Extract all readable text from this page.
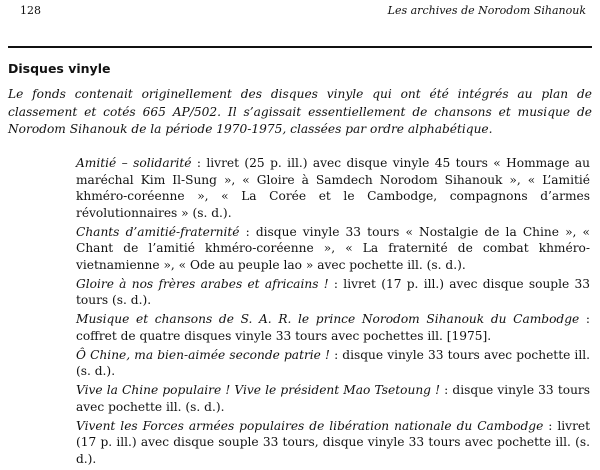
128	Les archives de Norodom Sihanouk
Disques vinyle

Le fonds contenait originellement des disques vinyle qui ont été intégrés au plan de classement et cotés 665 AP/502. Il s’agissait essentiellement de chansons et musique de Norodom Sihanouk de la période 1970-1975, classées par ordre alphabétique.

Amitié – solidarité : livret (25 p. ill.) avec disque vinyle 45 tours « Hommage au maréchal Kim Il-Sung », « Gloire à Samdech Norodom Sihanouk », « L’amitié khméro-coréenne », « La Corée et le Cambodge, compagnons d’armes révolutionnaires » (s. d.).
Chants d’amitié-fraternité : disque vinyle 33 tours « Nostalgie de la Chine », « Chant de l’amitié khméro-coréenne », « La fraternité de combat khméro-vietnamienne », « Ode au peuple lao » avec pochette ill. (s. d.).
Gloire à nos frères arabes et africains ! : livret (17 p. ill.) avec disque souple 33 tours (s. d.).
Musique et chansons de S. A. R. le prince Norodom Sihanouk du Cambodge : coffret de quatre disques vinyle 33 tours avec pochettes ill. [1975].
Ô Chine, ma bien-aimée seconde patrie ! : disque vinyle 33 tours avec pochette ill. (s. d.).
Vive la Chine populaire ! Vive le président Mao Tsetoung ! : disque vinyle 33 tours avec pochette ill. (s. d.).
Vivent les Forces armées populaires de libération nationale du Cambodge : livret (17 p. ill.) avec disque souple 33 tours, disque vinyle 33 tours avec pochette ill. (s. d.).
